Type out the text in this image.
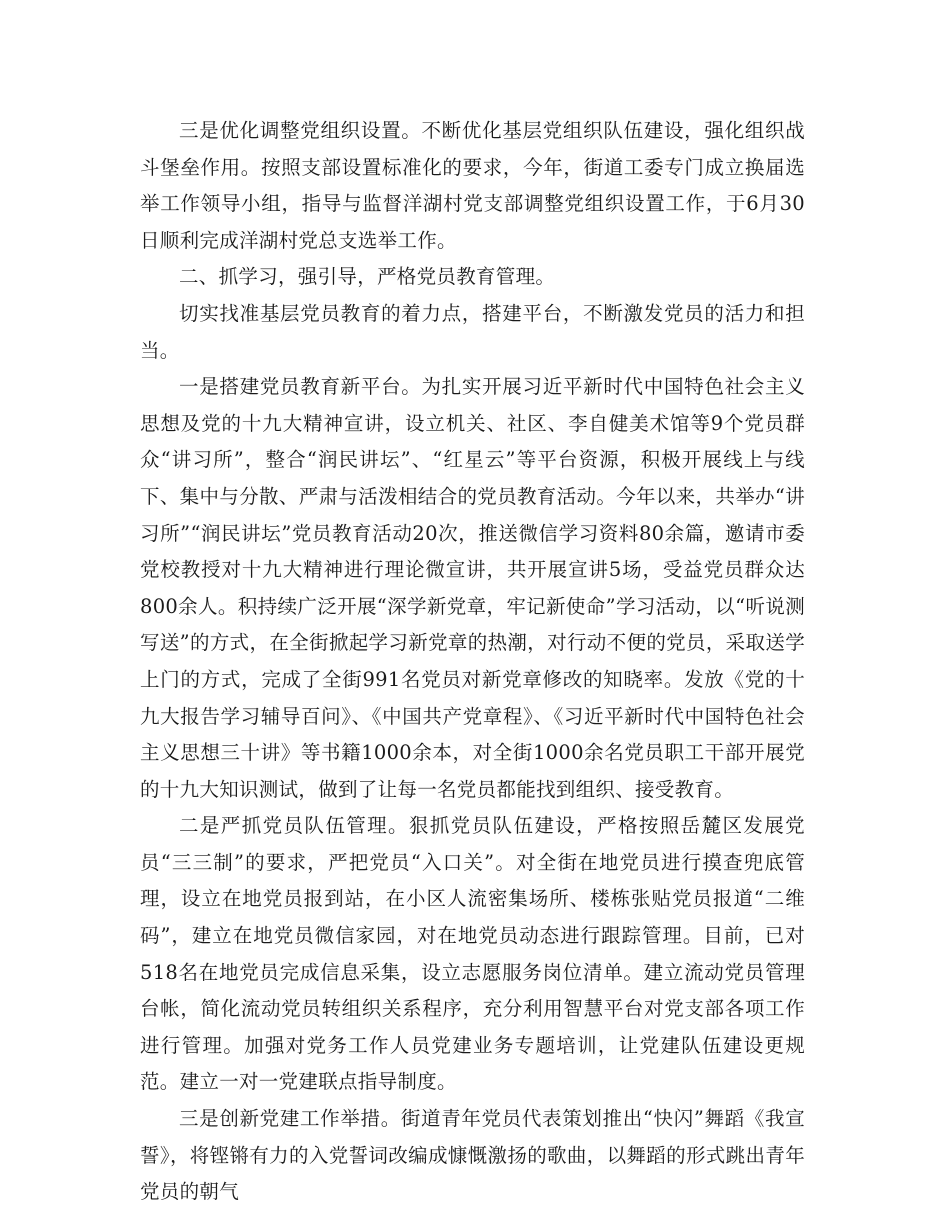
三是优化调整党组织设置。不断优化基层党组织队伍建设，强化组织战斗堡垒作用。按照支部设置标准化的要求，今年，街道工委专门成立换届选举工作领导小组，指导与监督洋湖村党支部调整党组织设置工作，于6月30日顺利完成洋湖村党总支选举工作。

二、抓学习，强引导，严格党员教育管理。

切实找准基层党员教育的着力点，搭建平台，不断激发党员的活力和担当。

一是搭建党员教育新平台。为扎实开展习近平新时代中国特色社会主义思想及党的十九大精神宣讲，设立机关、社区、李自健美术馆等9个党员群众“讲习所”，整合“润民讲坛”、“红星云”等平台资源，积极开展线上与线下、集中与分散、严肃与活泼相结合的党员教育活动。今年以来，共举办“讲习所”“润民讲坛”党员教育活动20次，推送微信学习资料80余篇，邀请市委党校教授对十九大精神进行理论微宣讲，共开展宣讲5场，受益党员群众达800余人。积持续广泛开展“深学新党章，牢记新使命”学习活动，以“听说测写送”的方式，在全街掀起学习新党章的热潮，对行动不便的党员，采取送学上门的方式，完成了全街991名党员对新党章修改的知晓率。发放《党的十九大报告学习辅导百问》、《中国共产党章程》、《习近平新时代中国特色社会主义思想三十讲》等书籍1000余本，对全街1000余名党员职工干部开展党的十九大知识测试，做到了让每一名党员都能找到组织、接受教育。

二是严抓党员队伍管理。狠抓党员队伍建设，严格按照岳麓区发展党员“三三制”的要求，严把党员“入口关”。对全街在地党员进行摸查兜底管理，设立在地党员报到站，在小区人流密集场所、楼栋张贴党员报道“二维码”，建立在地党员微信家园，对在地党员动态进行跟踪管理。目前，已对518名在地党员完成信息采集，设立志愿服务岗位清单。建立流动党员管理台帐，简化流动党员转组织关系程序，充分利用智慧平台对党支部各项工作进行管理。加强对党务工作人员党建业务专题培训，让党建队伍建设更规范。建立一对一党建联点指导制度。

三是创新党建工作举措。街道青年党员代表策划推出“快闪”舞蹈《我宣誓》，将铿锵有力的入党誓词改编成慷慨激扬的歌曲，以舞蹈的形式跳出青年党员的朝气
